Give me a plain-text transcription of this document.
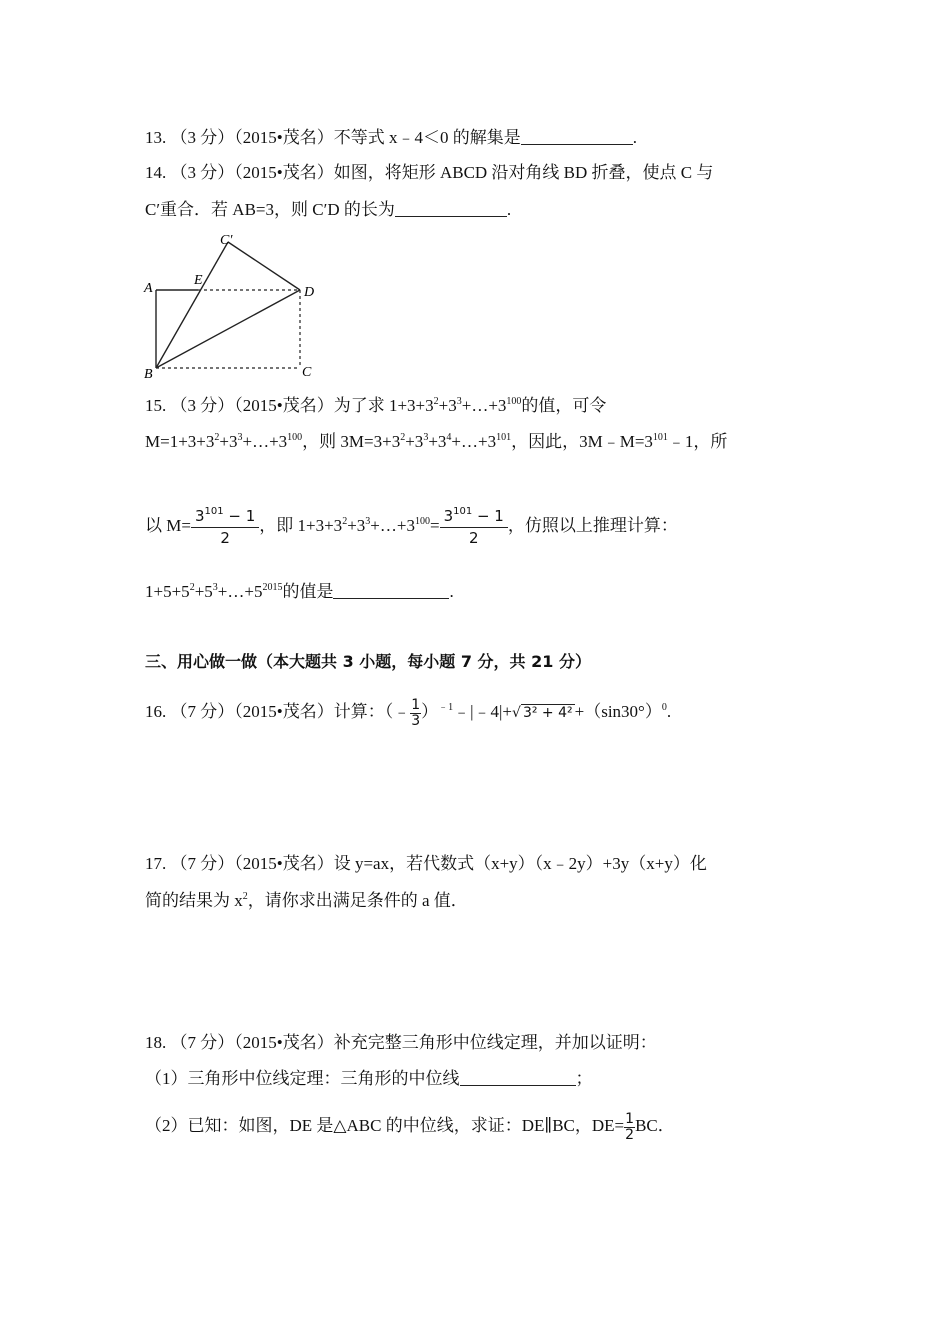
13. （3 分）（2015•茂名）不等式 x﹣4＜0 的解集是	.
14. （3 分）（2015•茂名）如图，将矩形 ABCD 沿对角线 BD 折叠，使点 C 与
C′重合．若 AB=3，则 C′D 的长为	.
A
E
D
B	C
C′
15. （3 分）（2015•茂名）为了求 $1+3+3^2+3^3+\dots+3^{100}$的值，可令
$M=1+3+3^2+3^3+\dots+3^{100}$，则 $3M=3+3^2+3^3+3^4+\dots+3^{101}$，因此，$3M﹣M=3^{101}﹣1$，所
以 $M= \frac{3^{101} - 1}{2}$ ，即 $1+3+3^2+3^3+\dots+3^{100}= \frac{3^{101} - 1}{2}$ ，仿照以上推理计算：
$1+5+5^2+5^3+\dots+5^{2015}$的值是	.
三、用心做一做（本大题共 3 小题，每小题 7 分，共 21 分）
16. （7 分）（2015•茂名）计算：（﹣ $\frac{1}{3}$ ）$^{﹣1}$﹣|﹣4|+√ $3^2 + 4^2 +(\sin 30^\circ)^0$.
17. （7 分）（2015•茂名）设 y=ax，若代数式（x+y）（x﹣2y）+3y（x+y）化
简的结果为 $x^2$，请你求出满足条件的 a 值．
18. （7 分）（2015•茂名）补充完整三角形中位线定理，并加以证明：
（1）三角形中位线定理：三角形的中位线	；
（2）已知：如图，DE 是△ABC 的中位线，求证：DE∥BC，$DE= \frac{1}{2}$ BC．
